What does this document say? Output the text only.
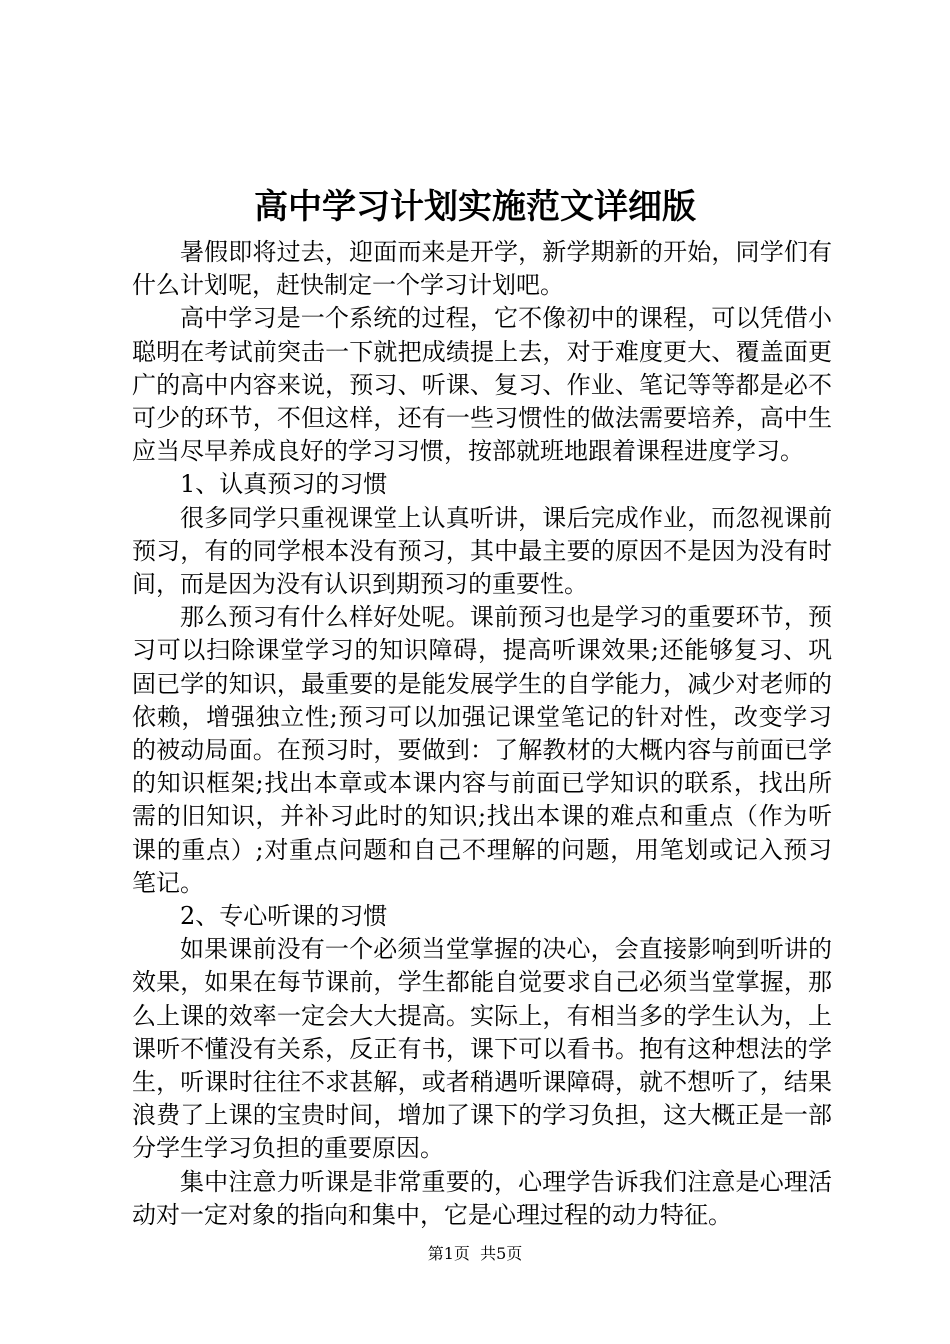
高中学习计划实施范文详细版

暑假即将过去，迎面而来是开学，新学期新的开始，同学们有什么计划呢，赶快制定一个学习计划吧。

高中学习是一个系统的过程，它不像初中的课程，可以凭借小聪明在考试前突击一下就把成绩提上去，对于难度更大、覆盖面更广的高中内容来说，预习、听课、复习、作业、笔记等等都是必不可少的环节，不但这样，还有一些习惯性的做法需要培养，高中生应当尽早养成良好的学习习惯，按部就班地跟着课程进度学习。

1、认真预习的习惯

很多同学只重视课堂上认真听讲，课后完成作业，而忽视课前预习，有的同学根本没有预习，其中最主要的原因不是因为没有时间，而是因为没有认识到期预习的重要性。

那么预习有什么样好处呢。课前预习也是学习的重要环节，预习可以扫除课堂学习的知识障碍，提高听课效果;还能够复习、巩固已学的知识，最重要的是能发展学生的自学能力，减少对老师的依赖，增强独立性;预习可以加强记课堂笔记的针对性，改变学习的被动局面。在预习时，要做到：了解教材的大概内容与前面已学的知识框架;找出本章或本课内容与前面已学知识的联系，找出所需的旧知识，并补习此时的知识;找出本课的难点和重点（作为听课的重点）;对重点问题和自己不理解的问题，用笔划或记入预习笔记。

2、专心听课的习惯

如果课前没有一个必须当堂掌握的决心，会直接影响到听讲的效果，如果在每节课前，学生都能自觉要求自己必须当堂掌握，那么上课的效率一定会大大提高。实际上，有相当多的学生认为，上课听不懂没有关系，反正有书，课下可以看书。抱有这种想法的学生，听课时往往不求甚解，或者稍遇听课障碍，就不想听了，结果浪费了上课的宝贵时间，增加了课下的学习负担，这大概正是一部分学生学习负担的重要原因。

集中注意力听课是非常重要的，心理学告诉我们注意是心理活动对一定对象的指向和集中，它是心理过程的动力特征。

第1页  共5页
